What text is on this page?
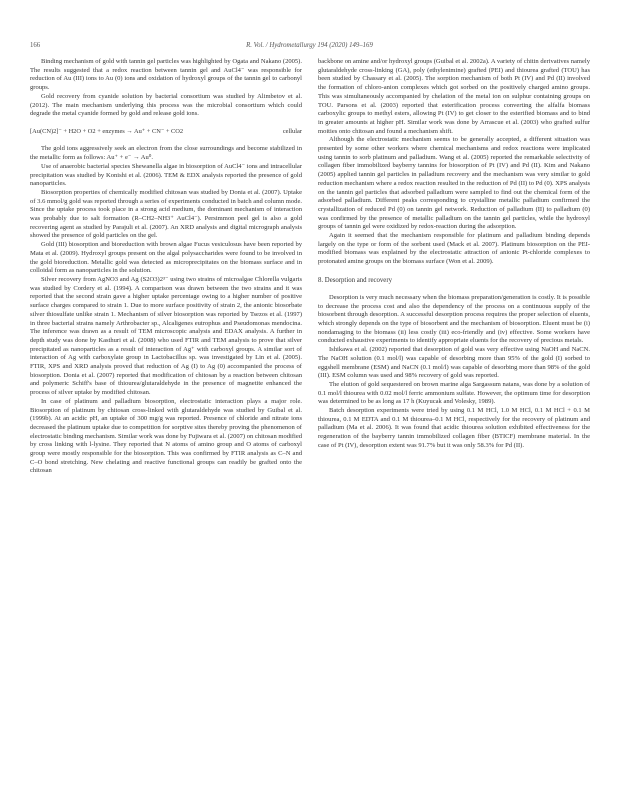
166	R. Vol. / Hydrometallurgy 194 (2020) 149–169

Binding mechanism of gold with tannin gel particles was highlighted by Ogata and Nakano (2005). The results suggested that a redox reaction between tannin gel and AuCl4⁻ was responsible for reduction of Au (III) ions to Au (0) ions and oxidation of hydroxyl groups of the tannin gel to carbonyl groups.

Gold recovery from cyanide solution by bacterial consortium was studied by Alimbetov et al. (2012). The main mechanism underlying this process was the microbial consortium which could degrade the metal cyanide formed by gold and release gold ions.

[Au(CN)2]⁻ + H2O + O2 + enzymes → Au⁺ + CN⁻ + CO2	cellular

The gold ions aggressively seek an electron from the close surroundings and become stabilized in the metallic form as follows: Au⁺ + e⁻ → Au⁰.

Use of anaerobic bacterial species Shewanella algae in biosorption of AuCl4⁻ ions and intracellular precipitation was studied by Konishi et al. (2006). TEM & EDX analysis reported the presence of gold nanoparticles.

Biosorption properties of chemically modified chitosan was studied by Donia et al. (2007). Uptake of 3.6 mmol/g gold was reported through a series of experiments conducted in batch and column mode. Since the uptake process took place in a strong acid medium, the dominant mechanism of interaction was probably due to salt formation (R–CH2–NH3⁺ AuCl4⁻). Persimmon peel gel is also a gold recovering agent as studied by Parajuli et al. (2007). An XRD analysis and digital micrograph analysis showed the presence of gold particles on the gel.

Gold (III) biosorption and bioreduction with brown algae Fucus vesiculosus have been reported by Mata et al. (2009). Hydroxyl groups present on the algal polysaccharides were found to be involved in the gold bioreduction. Metallic gold was detected as microprecipitates on the biomass surface and in colloidal form as nanoparticles in the solution.

Silver recovery from AgNO3 and Ag (S2O3)2³⁻ using two strains of microalgae Chlorella vulgaris was studied by Cordery et al. (1994). A comparison was drawn between the two strains and it was reported that the second strain gave a higher uptake percentage owing to a higher number of positive surface charges compared to strain 1. Due to more surface positivity of strain 2, the anionic biosorbate silver thiosulfate unlike strain 1. Mechanism of silver biosorption was reported by Tsezos et al. (1997) in three bacterial strains namely Arthrobacter sp., Alcaligenes eutrophus and Pseudomonas mendocina. The inference was drawn as a result of TEM microscopic analysis and EDAX analysis. A further in depth study was done by Kasthuri et al. (2008) who used FTIR and TEM analysis to prove that silver precipitated as nanoparticles as a result of interaction of Ag⁺ with carboxyl groups. A similar sort of interaction of Ag with carboxylate group in Lactobacillus sp. was investigated by Lin et al. (2005). FTIR, XPS and XRD analysis proved that reduction of Ag (I) to Ag (0) accompanied the process of biosorption. Donia et al. (2007) reported that modification of chitosan by a reaction between chitosan and polymeric Schiff's base of thiourea/glutaraldehyde in the presence of magnetite enhanced the process of silver uptake by modified chitosan.

In case of platinum and palladium biosorption, electrostatic interaction plays a major role. Biosorption of platinum by chitosan cross-linked with glutaraldehyde was studied by Guibal et al. (1999b). At an acidic pH, an uptake of 300 mg/g was reported. Presence of chloride and nitrate ions decreased the platinum uptake due to competition for sorptive sites thereby proving the phenomenon of electrostatic binding mechanism. Similar work was done by Fujiwara et al. (2007) on chitosan modified by cross linking with l-lysine. They reported that N atoms of amino group and O atoms of carboxyl group were mostly responsible for the biosorption. This was confirmed by FTIR analysis as C–N and C–O bond stretching. New chelating and reactive functional groups can readily be grafted onto the chitosan

backbone on amine and/or hydroxyl groups (Guibal et al. 2002a). A variety of chitin derivatives namely glutaraldehyde cross-linking (GA), poly (ethylenimine) grafted (PEI) and thiourea grafted (TOU) has been studied by Chassary et al. (2005). The sorption mechanism of both Pt (IV) and Pd (II) involved the formation of chloro-anion complexes which got sorbed on the positively charged amino groups. This was simultaneously accompanied by chelation of the metal ion on sulphur containing groups on TOU. Parsons et al. (2003) reported that esterification process converting the alfalfa biomass carboxylic groups to methyl esters, allowing Pt (IV) to get closer to the esterified biomass and to bind in greater amounts at higher pH. Similar work was done by Arrascue et al. (2003) who grafted sulfur moities onto chitosan and found a mechanism shift.

Although the electrostatic mechanism seems to be generally accepted, a different situation was presented by some other workers where chemical mechanisms and redox reactions were implicated using tannin to sorb platinum and palladium. Wang et al. (2005) reported the remarkable selectivity of collagen fiber immobilized bayberry tannins for biosorption of Pt (IV) and Pd (II). Kim and Nakano (2005) applied tannin gel particles in palladium recovery and the mechanism was very similar to gold reduction mechanism where a redox reaction resulted in the reduction of Pd (II) to Pd (0). XPS analysis on the tannin gel particles that adsorbed palladium were sampled to find out the chemical form of the adsorbed palladium. Different peaks corresponding to crystalline metallic palladium confirmed the crystallization of reduced Pd (0) on tannin gel network. Reduction of palladium (II) to palladium (0) was confirmed by the presence of metallic palladium on the tannin gel particles, while the hydroxyl groups of tannin gel were oxidized by redox-reaction during the adsorption.

Again it seemed that the mechanism responsible for platinum and palladium binding depends largely on the type or form of the sorbent used (Mack et al. 2007). Platinum biosorption on the PEI-modified biomass was explained by the electrostatic attraction of anionic Pt-chloride complexes to protonated amine groups on the biomass surface (Won et al. 2009).

8. Desorption and recovery

Desorption is very much necessary when the biomass preparation/generation is costly. It is possible to decrease the process cost and also the dependency of the process on a continuous supply of the biosorbent through desorption. A successful desorption process requires the proper selection of eluents, which strongly depends on the type of biosorbent and the mechanism of biosorption. Eluent must be (i) nondamaging to the biomass (ii) less costly (iii) eco-friendly and (iv) effective. Some workers have conducted exhaustive experiments to identify appropriate eluents for the recovery of precious metals.

Ishikawa et al. (2002) reported that desorption of gold was very effective using NaOH and NaCN. The NaOH solution (0.1 mol/l) was capable of desorbing more than 95% of the gold (I) sorbed to eggshell membrane (ESM) and NaCN (0.1 mol/l) was capable of desorbing more than 98% of the gold (III). ESM column was used and 98% recovery of gold was reported.

The elution of gold sequestered on brown marine alga Sargassum natans, was done by a solution of 0.1 mol/l thiourea with 0.02 mol/l ferric ammonium sulfate. However, the optimum time for desorption was determined to be as long as 17 h (Kuyucak and Volesky, 1989).

Batch desorption experiments were tried by using 0.1 M HCl, 1.0 M HCl, 0.1 M HCl + 0.1 M thiourea, 0.1 M EDTA and 0.1 M thiourea–0.1 M HCl, respectively for the recovery of platinum and palladium (Ma et al. 2006). It was found that acidic thiourea solution exhibited effectiveness for the regeneration of the bayberry tannin immobilized collagen fiber (BTICF) membrane material. In the case of Pt (IV), desorption extent was 91.7% but it was only 58.3% for Pd (II).
